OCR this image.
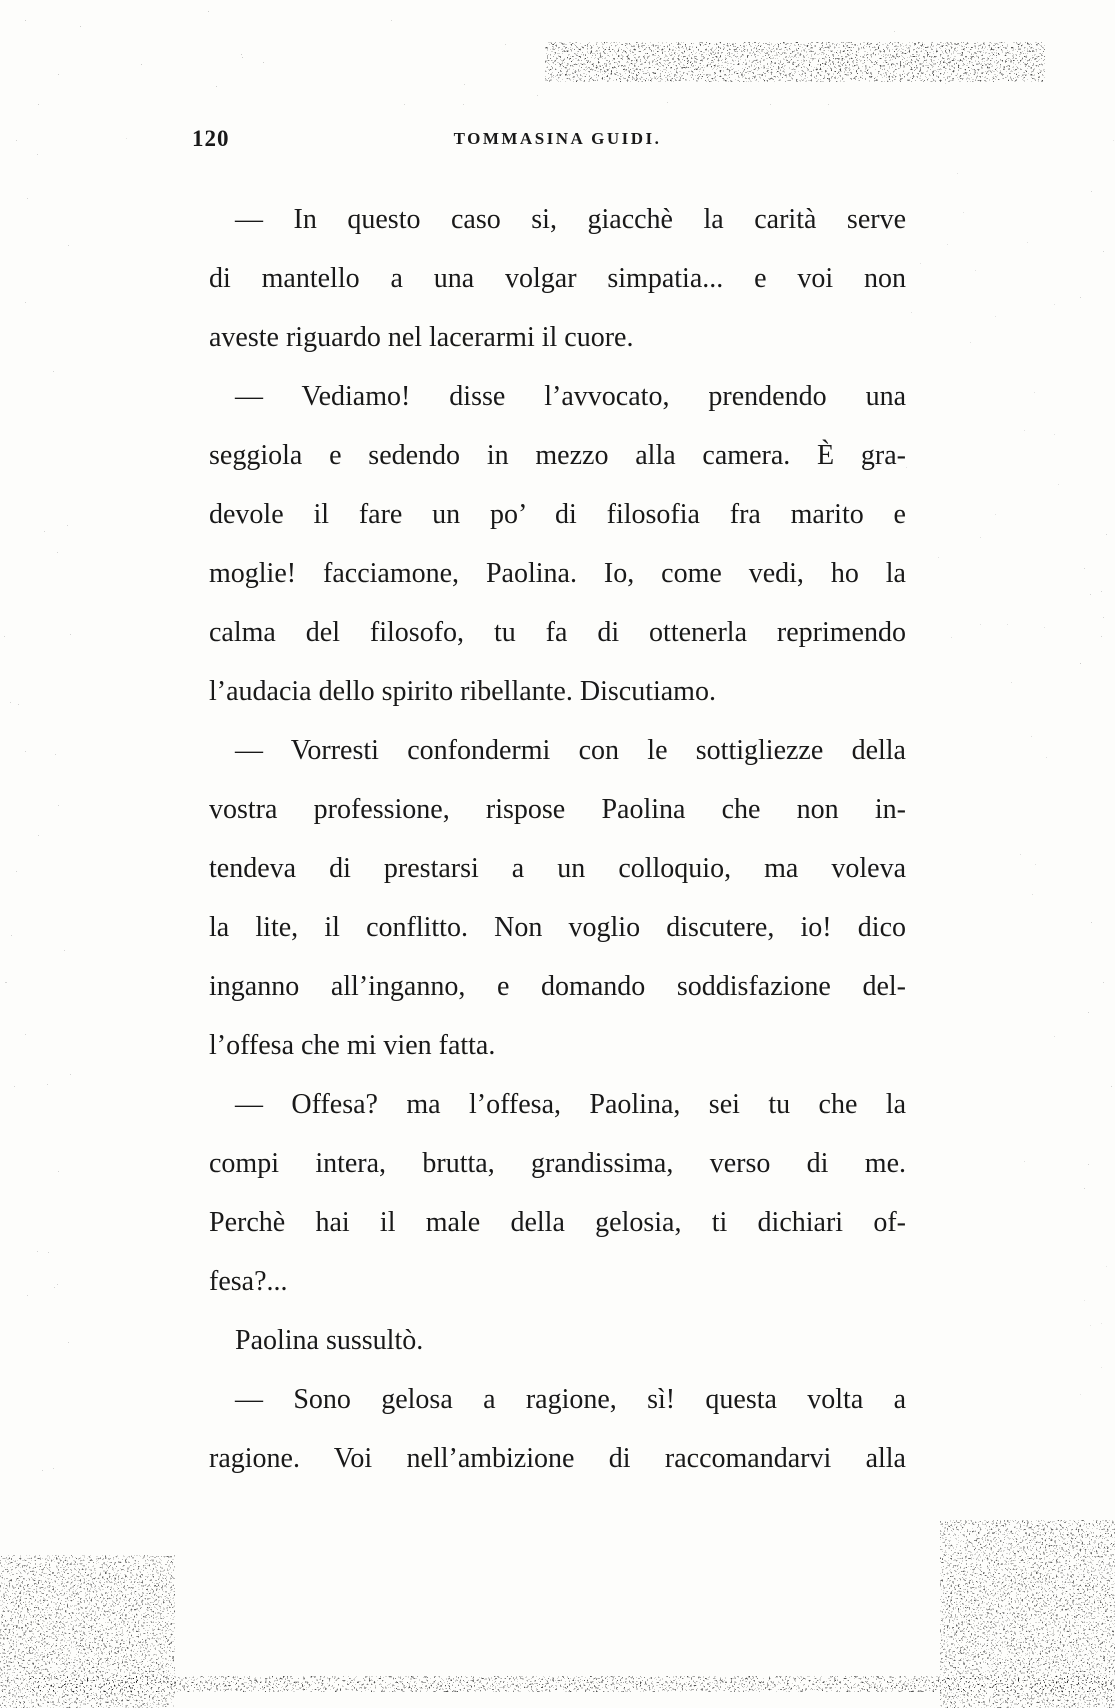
120	TOMMASINA GUIDI.
— In questo caso si, giacchè la carità serve
di mantello a una volgar simpatia... e voi non
aveste riguardo nel lacerarmi il cuore.
— Vediamo! disse l’avvocato, prendendo una
seggiola e sedendo in mezzo alla camera. È gra-
devole il fare un po’ di filosofia fra marito e
moglie! facciamone, Paolina. Io, come vedi, ho la
calma del filosofo, tu fa di ottenerla reprimendo
l’audacia dello spirito ribellante. Discutiamo.
— Vorresti confondermi con le sottigliezze della
vostra professione, rispose Paolina che non in-
tendeva di prestarsi a un colloquio, ma voleva
la lite, il conflitto. Non voglio discutere, io! dico
inganno all’inganno, e domando soddisfazione del-
l’offesa che mi vien fatta.
— Offesa? ma l’offesa, Paolina, sei tu che la
compi intera, brutta, grandissima, verso di me.
Perchè hai il male della gelosia, ti dichiari of-
fesa?...
Paolina sussultò.
— Sono gelosa a ragione, sì! questa volta a
ragione. Voi nell’ambizione di raccomandarvi alla
